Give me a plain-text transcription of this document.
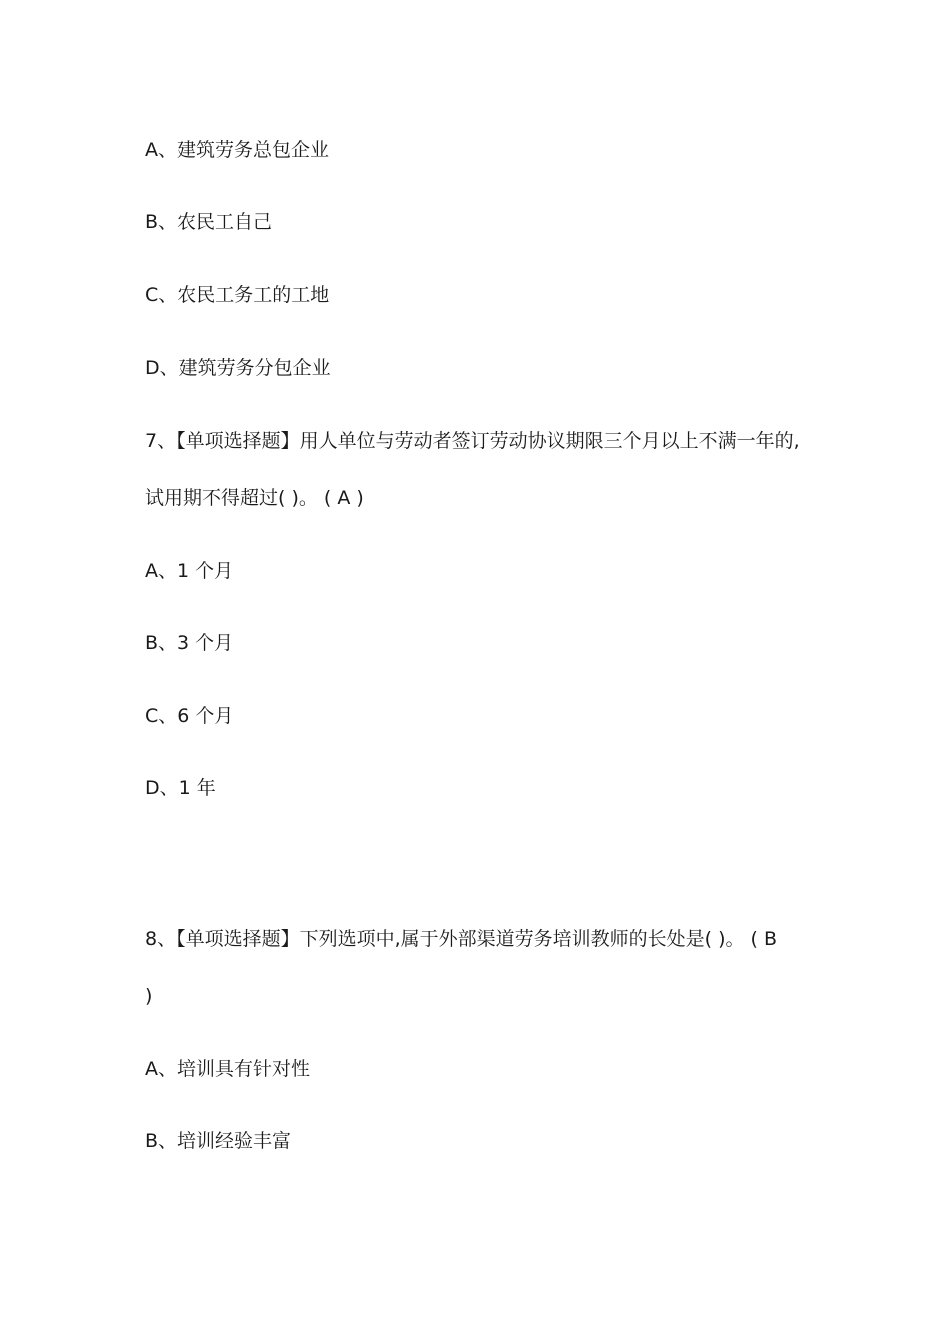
A、建筑劳务总包企业
B、农民工自己
C、农民工务工的工地
D、建筑劳务分包企业
7、【单项选择题】用人单位与劳动者签订劳动协议期限三个月以上不满一年的,
试用期不得超过( )。 ( A )
A、1 个月
B、3 个月
C、6 个月
D、1 年
8、【单项选择题】下列选项中,属于外部渠道劳务培训教师的长处是( )。 ( B
)
A、培训具有针对性
B、培训经验丰富
